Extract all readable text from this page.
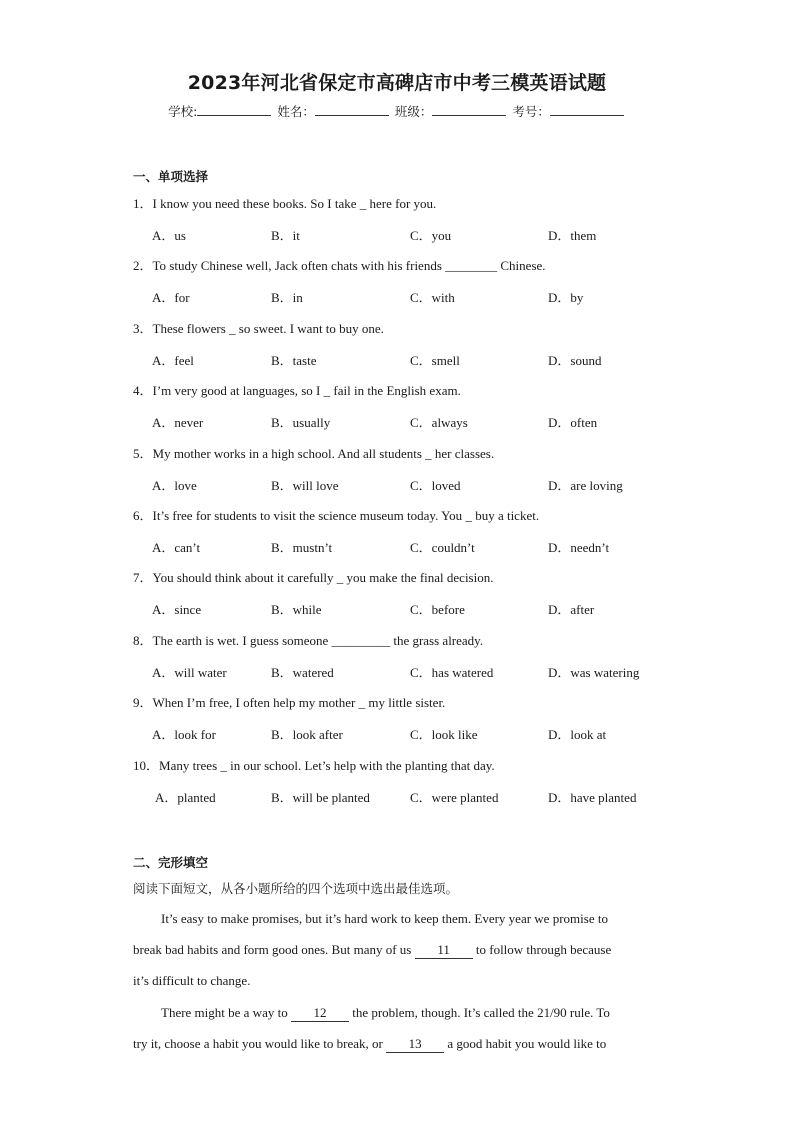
2023年河北省保定市高碑店市中考三模英语试题
学校:	姓名：	班级：	考号：
一、单项选择
1．I know you need these books. So I take _ here for you.
A．us	B．it	C．you	D．them
2．To study Chinese well, Jack often chats with his friends ________ Chinese.
A．for	B．in	C．with	D．by
3．These flowers _ so sweet. I want to buy one.
A．feel	B．taste	C．smell	D．sound
4．I’m very good at languages, so I _ fail in the English exam.
A．never	B．usually	C．always	D．often
5．My mother works in a high school. And all students _ her classes.
A．love	B．will love	C．loved	D．are loving
6．It’s free for students to visit the science museum today. You _ buy a ticket.
A．can’t	B．mustn’t	C．couldn’t	D．needn’t
7．You should think about it carefully _ you make the final decision.
A．since	B．while	C．before	D．after
8．The earth is wet. I guess someone _________ the grass already.
A．will water	B．watered	C．has watered	D．was watering
9．When I’m free, I often help my mother _ my little sister.
A．look for	B．look after	C．look like	D．look at
10．Many trees _ in our school. Let’s help with the planting that day.
A．planted	B．will be planted	C．were planted	D．have planted
二、完形填空
阅读下面短文，从各小题所给的四个选项中选出最佳选项。
It’s easy to make promises, but it’s hard work to keep them. Every year we promise to
break bad habits and form good ones. But many of us 11 to follow through because
it’s difficult to change.
There might be a way to 12 the problem, though. It’s called the 21/90 rule. To
try it, choose a habit you would like to break, or 13 a good habit you would like to
